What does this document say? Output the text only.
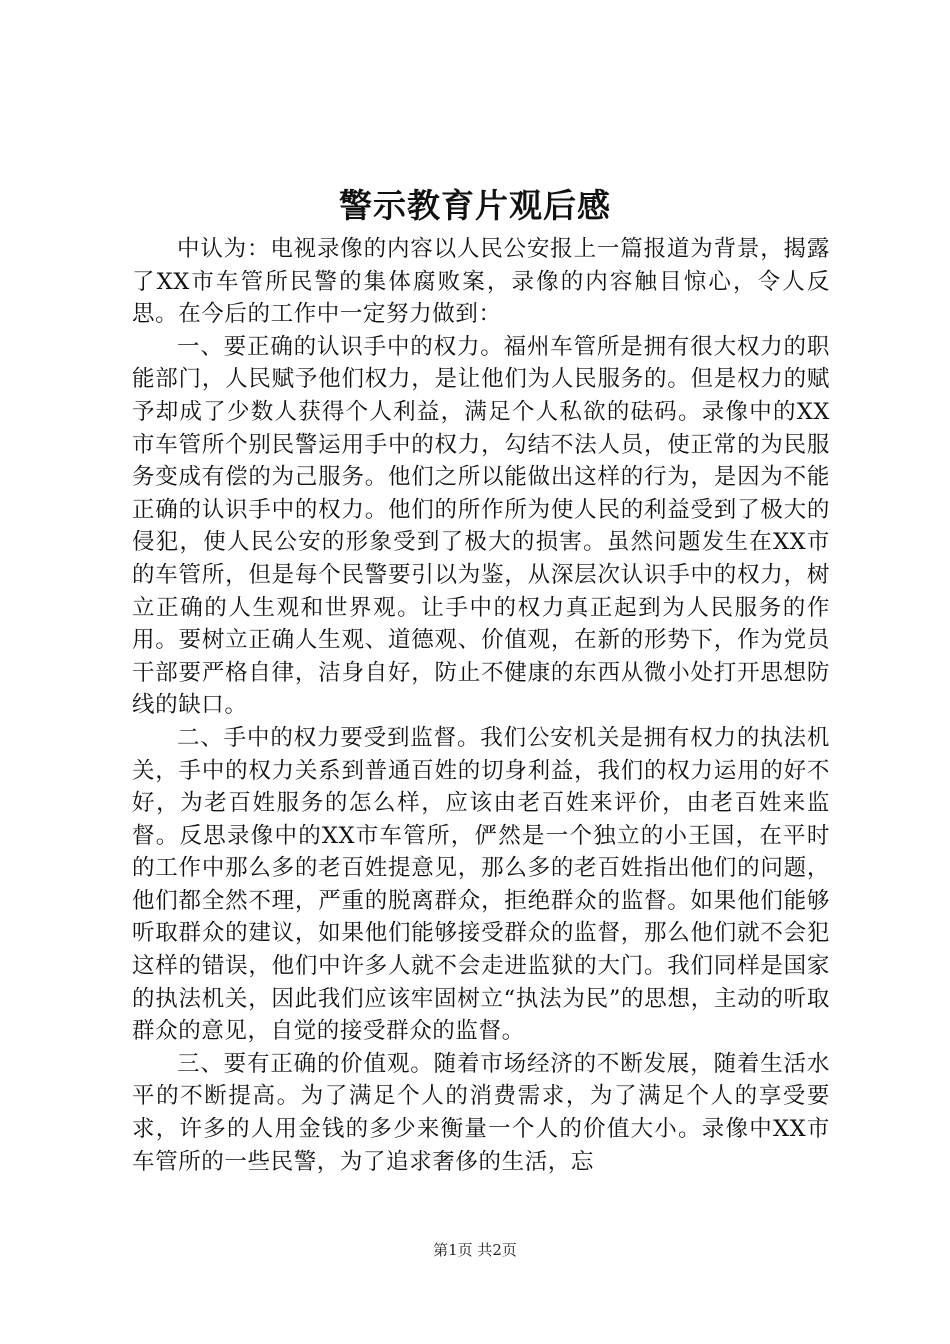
警示教育片观后感

中认为：电视录像的内容以人民公安报上一篇报道为背景，揭露了XX市车管所民警的集体腐败案，录像的内容触目惊心，令人反思。在今后的工作中一定努力做到：

一、要正确的认识手中的权力。福州车管所是拥有很大权力的职能部门，人民赋予他们权力，是让他们为人民服务的。但是权力的赋予却成了少数人获得个人利益，满足个人私欲的砝码。录像中的XX市车管所个别民警运用手中的权力，勾结不法人员，使正常的为民服务变成有偿的为己服务。他们之所以能做出这样的行为，是因为不能正确的认识手中的权力。他们的所作所为使人民的利益受到了极大的侵犯，使人民公安的形象受到了极大的损害。虽然问题发生在XX市的车管所，但是每个民警要引以为鉴，从深层次认识手中的权力，树立正确的人生观和世界观。让手中的权力真正起到为人民服务的作用。要树立正确人生观、道德观、价值观，在新的形势下，作为党员干部要严格自律，洁身自好，防止不健康的东西从微小处打开思想防线的缺口。

二、手中的权力要受到监督。我们公安机关是拥有权力的执法机关，手中的权力关系到普通百姓的切身利益，我们的权力运用的好不好，为老百姓服务的怎么样，应该由老百姓来评价，由老百姓来监督。反思录像中的XX市车管所，俨然是一个独立的小王国，在平时的工作中那么多的老百姓提意见，那么多的老百姓指出他们的问题，他们都全然不理，严重的脱离群众，拒绝群众的监督。如果他们能够听取群众的建议，如果他们能够接受群众的监督，那么他们就不会犯这样的错误，他们中许多人就不会走进监狱的大门。我们同样是国家的执法机关，因此我们应该牢固树立“执法为民”的思想，主动的听取群众的意见，自觉的接受群众的监督。

三、要有正确的价值观。随着市场经济的不断发展，随着生活水平的不断提高。为了满足个人的消费需求，为了满足个人的享受要求，许多的人用金钱的多少来衡量一个人的价值大小。录像中XX市车管所的一些民警，为了追求奢侈的生活，忘

第1页 共2页
